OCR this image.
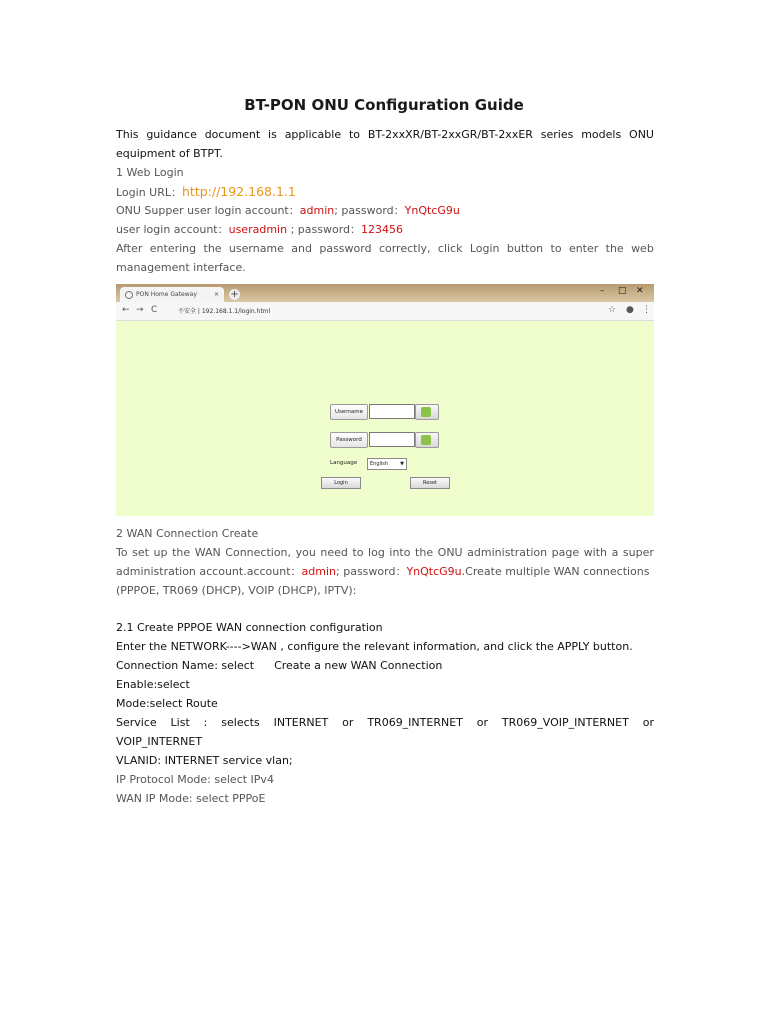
BT-PON ONU Configuration Guide
This guidance document is applicable to BT-2xxXR/BT-2xxGR/BT-2xxER series models ONU
equipment of BTPT.
1 Web Login
Login URL：http://192.168.1.1
ONU Supper user login account：admin; password：YnQtcG9u
user login account：useradmin ; password：123456
After entering the username and password correctly, click Login button to enter the web
management interface.
PON Home Gateway	× +	– □ ✕
← → C	不安全 | 192.168.1.1/login.html	☆ ● ⋮
Username
Password
Language	English ▼
Login	Reset
2 WAN Connection Create
To set up the WAN Connection, you need to log into the ONU administration page with a super
administration account.account：admin; password：YnQtcG9u.Create multiple WAN connections
(PPPOE, TR069 (DHCP), VOIP (DHCP), IPTV):
2.1 Create PPPOE WAN connection configuration
Enter the NETWORK---->WAN , configure the relevant information, and click the APPLY button.
Connection Name: select Create a new WAN Connection
Enable:select
Mode:select Route
Service List : selects INTERNET or TR069_INTERNET or TR069_VOIP_INTERNET or
VOIP_INTERNET
VLANID: INTERNET service vlan;
IP Protocol Mode: select IPv4
WAN IP Mode: select PPPoE
